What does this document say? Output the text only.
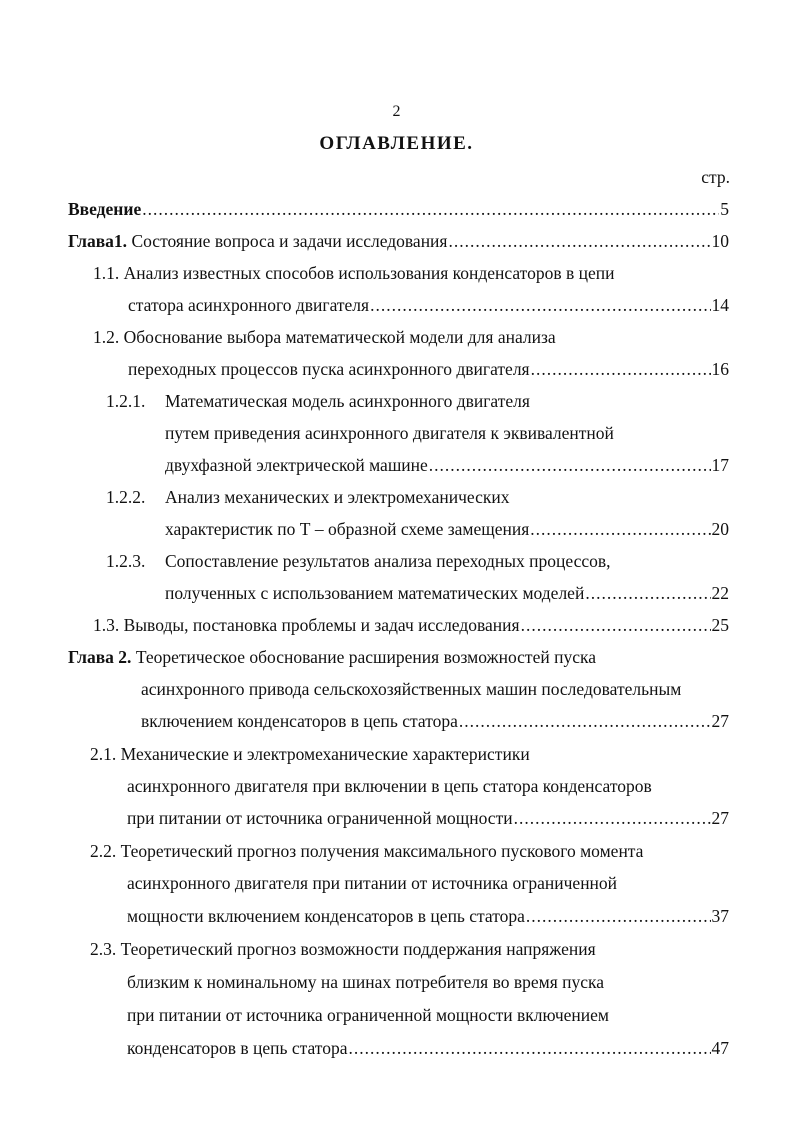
2
ОГЛАВЛЕНИЕ.
стр.
Введение .....	5
Глава1. Состояние вопроса и задачи исследования .....	10
1.1. Анализ известных способов использования конденсаторов в цепи
статора асинхронного двигателя .....	14
1.2. Обоснование выбора математической модели для анализа
переходных процессов пуска асинхронного двигателя .....	16
1.2.1. Математическая модель асинхронного двигателя
путем приведения асинхронного двигателя к эквивалентной
двухфазной электрической машине .....	17
1.2.2. Анализ механических и электромеханических
характеристик по Т – образной схеме замещения .....	20
1.2.3. Сопоставление результатов анализа переходных процессов,
полученных с использованием математических моделей .....	22
1.3. Выводы, постановка проблемы и задач исследования .....	25
Глава 2. Теоретическое обоснование расширения возможностей пуска
асинхронного привода сельскохозяйственных машин последовательным
включением конденсаторов в цепь статора .....	27
2.1. Механические и электромеханические характеристики
асинхронного двигателя при включении в цепь статора конденсаторов
при питании от источника ограниченной мощности .....	27
2.2. Теоретический прогноз получения максимального пускового момента
асинхронного двигателя при питании от источника ограниченной
мощности включением конденсаторов в цепь статора .....	37
2.3. Теоретический прогноз возможности поддержания напряжения
близким к номинальному на шинах потребителя во время пуска
при питании от источника ограниченной мощности включением
конденсаторов в цепь статора .....	47
